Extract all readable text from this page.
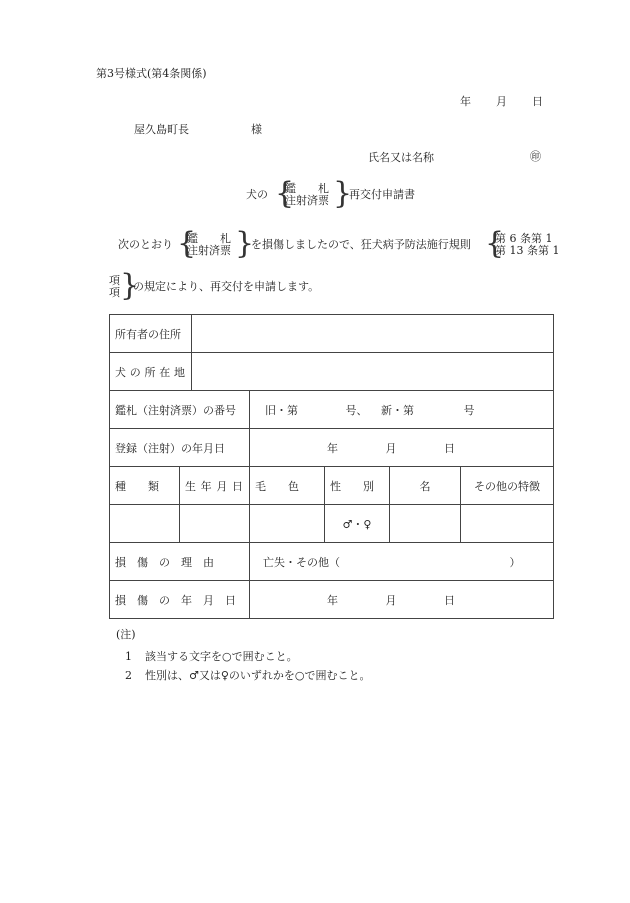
第3号様式(第4条関係)
年 月 日
屋久島町長	様
氏名又は名称	㊞
犬の {
鑑　　札
注射済票 }
再交付申請書
次のとおり {
鑑　　札
注射済票 }
を損傷しましたので、狂犬病予防法施行規則 {
第 6 条第 1
第 13 条第 1
項
項 }
の規定により、再交付を申請します。
所有者の住所						

犬 の 所 在 地						

鑑札（注射済票）の番号			旧・第 号、 新・第 号			
登録（注射）の年月日			年 月 日			
種　　類	生 年 月 日		毛　　色	性　　別	名	その他の特徴
				♂・♀		
損　傷　の　理　由			亡失・その他（ ）			
損　傷　の　年　月　日			年 月 日			
(注)
1 該当する文字を○で囲むこと。
2 性別は、♂又は♀のいずれかを○で囲むこと。
